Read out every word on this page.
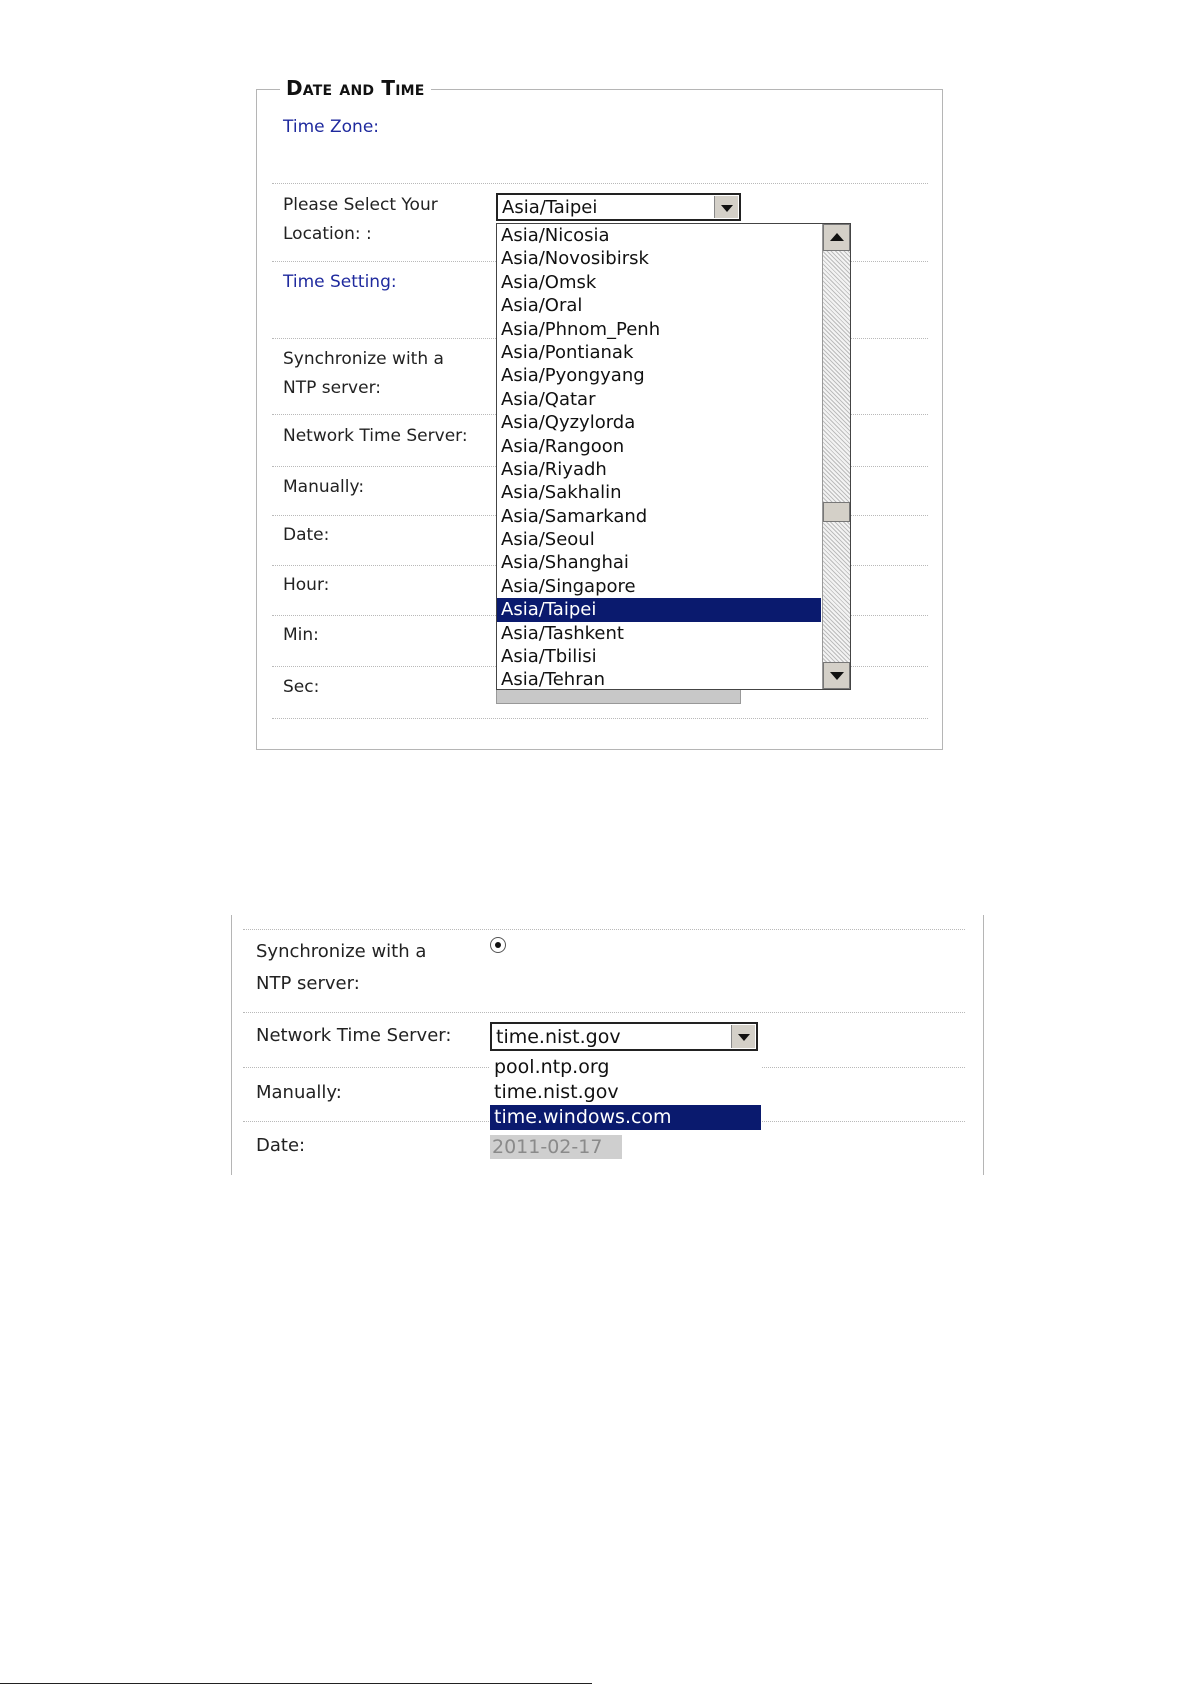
Date and Time
Time Zone:
Please Select Your
Location: :
Asia/Taipei
Time Setting:
Synchronize with a
NTP server:
Network Time Server:
Manually:
Date:
Hour:
Min:
Sec:
Asia/Nicosia
Asia/Novosibirsk
Asia/Omsk
Asia/Oral
Asia/Phnom_Penh
Asia/Pontianak
Asia/Pyongyang
Asia/Qatar
Asia/Qyzylorda
Asia/Rangoon
Asia/Riyadh
Asia/Sakhalin
Asia/Samarkand
Asia/Seoul
Asia/Shanghai
Asia/Singapore
Asia/Taipei
Asia/Tashkent
Asia/Tbilisi
Asia/Tehran
Synchronize with a
NTP server:
Network Time Server: time.nist.gov
Manually:
Date:
pool.ntp.org
time.nist.gov
time.windows.com
2011-02-17
